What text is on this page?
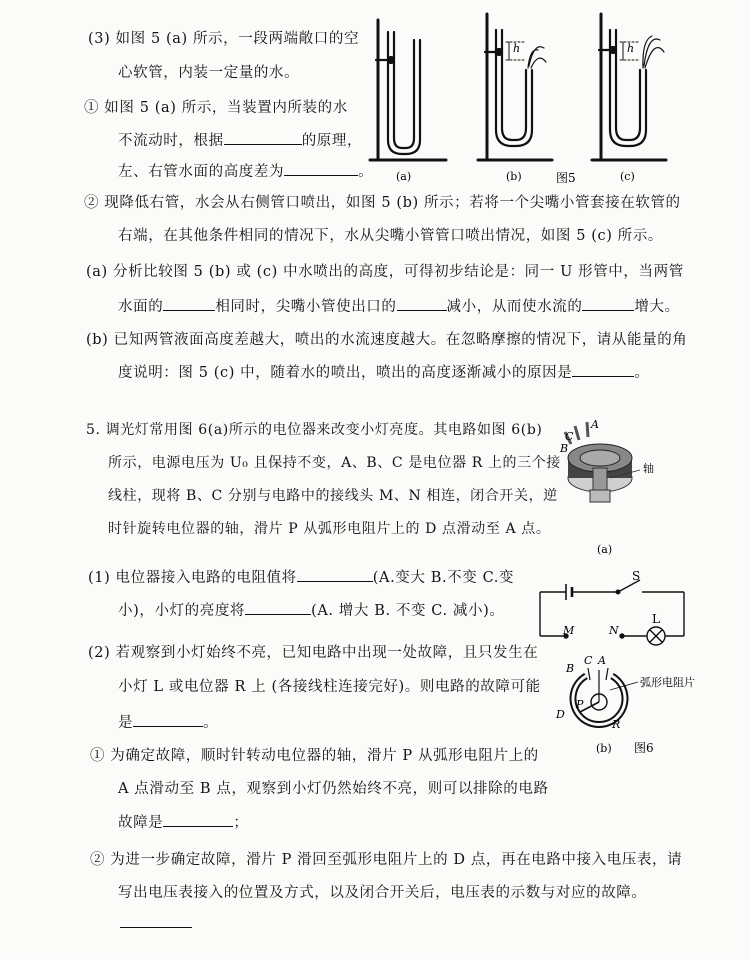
(3) 如图 5 (a) 所示，一段两端敞口的空
心软管，内装一定量的水。
① 如图 5 (a) 所示，当装置内所装的水
不流动时，根据	的原理，
左、右管水面的高度差为	。
② 现降低右管，水会从右侧管口喷出，如图 5 (b) 所示；若将一个尖嘴小管套接在软管的
右端，在其他条件相同的情况下，水从尖嘴小管管口喷出情况，如图 5 (c) 所示。
(a) 分析比较图 5 (b) 或 (c) 中水喷出的高度，可得初步结论是：同一 U 形管中，当两管
水面的	相同时，尖嘴小管使出口的	减小，从而使水流的	增大。
(b) 已知两管液面高度差越大，喷出的水流速度越大。在忽略摩擦的情况下，请从能量的角
度说明：图 5 (c) 中，随着水的喷出，喷出的高度逐渐减小的原因是	。
h	h
(a)	(b)	图5	(c)
5. 调光灯常用图 6(a)所示的电位器来改变小灯亮度。其电路如图 6(b)
所示，电源电压为 U₀ 且保持不变，A、B、C 是电位器 R 上的三个接
线柱，现将 B、C 分别与电路中的接线头 M、N 相连，闭合开关，逆
时针旋转电位器的轴，滑片 P 从弧形电阻片上的 D 点滑动至 A 点。
(1) 电位器接入电路的电阻值将	(A.变大 B.不变 C.变
小)，小灯的亮度将	(A. 增大 B. 不变 C. 减小)。
(2) 若观察到小灯始终不亮，已知电路中出现一处故障，且只发生在
小灯 L 或电位器 R 上 (各接线柱连接完好)。则电路的故障可能
是	。
① 为确定故障，顺时针转动电位器的轴，滑片 P 从弧形电阻片上的
A 点滑动至 B 点，观察到小灯仍然始终不亮，则可以排除的电路
故障是	；
② 为进一步确定故障，滑片 P 滑回至弧形电阻片上的 D 点，再在电路中接入电压表，请
写出电压表接入的位置及方式，以及闭合开关后，电压表的示数与对应的故障。
A
C
B
轴
(a)
S
L
M	N
B
C A
弧形电阻片
D
P
R
(b) 图6
